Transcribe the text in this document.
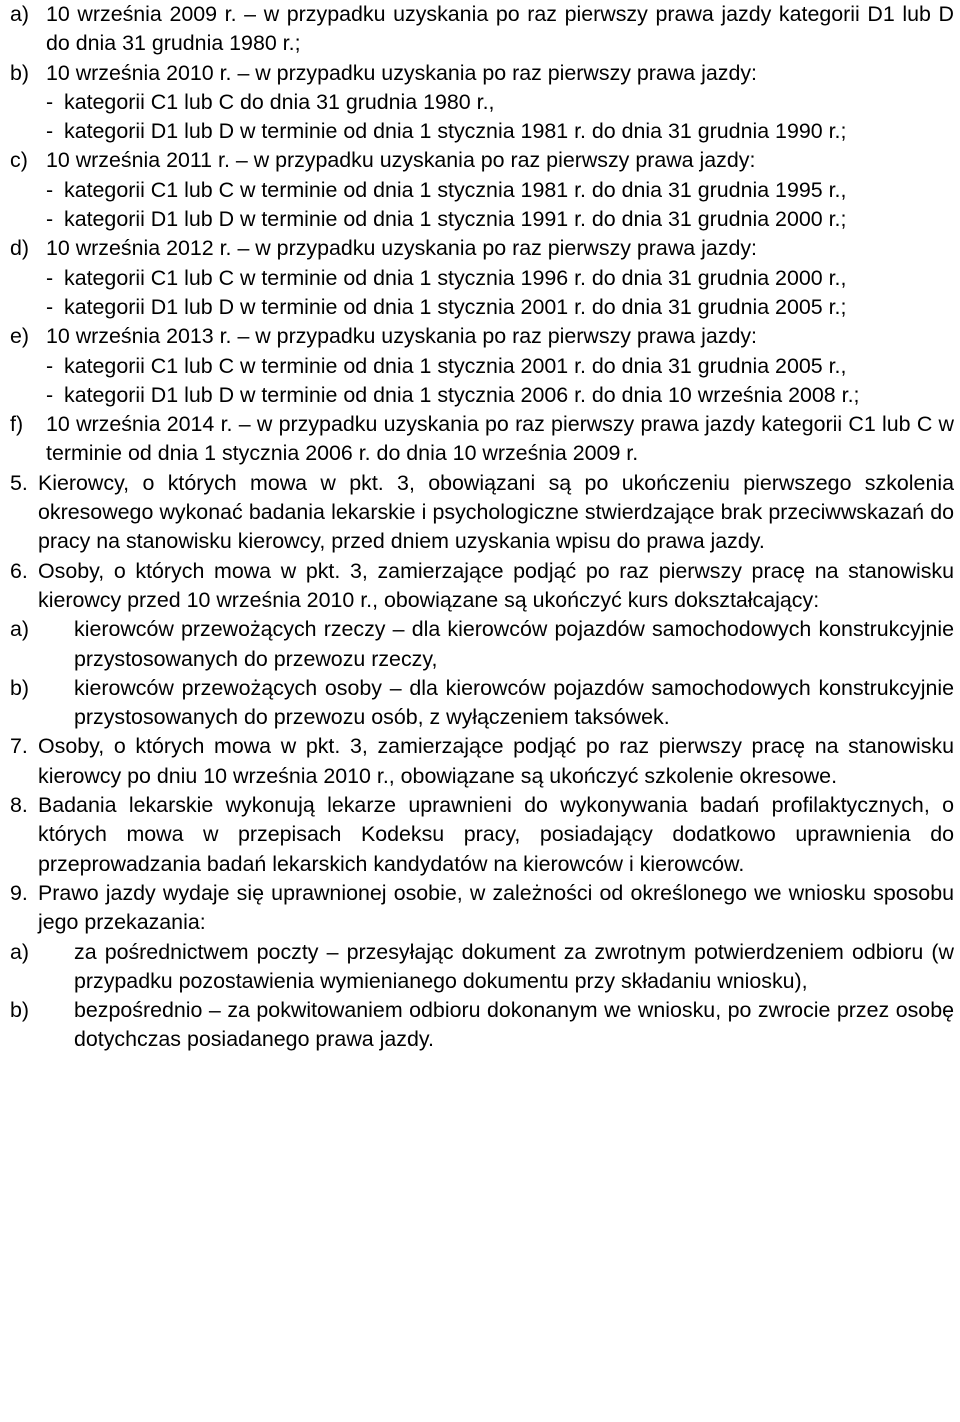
a) 10 września 2009 r. – w przypadku uzyskania po raz pierwszy prawa jazdy kategorii D1 lub D do dnia 31 grudnia 1980 r.;
b) 10 września 2010 r. – w przypadku uzyskania po raz pierwszy prawa jazdy:
- kategorii C1 lub C do dnia 31 grudnia 1980 r.,
- kategorii D1 lub D w terminie od dnia 1 stycznia 1981 r. do dnia 31 grudnia 1990 r.;
c) 10 września 2011 r. – w przypadku uzyskania po raz pierwszy prawa jazdy:
- kategorii C1 lub C w terminie od dnia 1 stycznia 1981 r. do dnia 31 grudnia 1995 r.,
- kategorii D1 lub D w terminie od dnia 1 stycznia 1991 r. do dnia 31 grudnia 2000 r.;
d) 10 września 2012 r. – w przypadku uzyskania po raz pierwszy prawa jazdy:
- kategorii C1 lub C w terminie od dnia 1 stycznia 1996 r. do dnia 31 grudnia 2000 r.,
- kategorii D1 lub D w terminie od dnia 1 stycznia 2001 r. do dnia 31 grudnia 2005 r.;
e) 10 września 2013 r. – w przypadku uzyskania po raz pierwszy prawa jazdy:
- kategorii C1 lub C w terminie od dnia 1 stycznia 2001 r. do dnia 31 grudnia 2005 r.,
- kategorii D1 lub D w terminie od dnia 1 stycznia 2006 r. do dnia 10 września 2008 r.;
f)	10 września 2014 r. – w przypadku uzyskania po raz pierwszy prawa jazdy kategorii C1 lub C w terminie od dnia 1 stycznia 2006 r. do dnia 10 września 2009 r.
5. Kierowcy, o których mowa w pkt. 3, obowiązani są po ukończeniu pierwszego szkolenia okresowego wykonać badania lekarskie i psychologiczne stwierdzające brak przeciwwskazań do pracy na stanowisku kierowcy, przed dniem uzyskania wpisu do prawa jazdy.
6. Osoby, o których mowa w pkt. 3, zamierzające podjąć po raz pierwszy pracę na stanowisku kierowcy przed 10 września 2010 r., obowiązane są ukończyć kurs dokształcający:
a)	kierowców przewożących rzeczy – dla kierowców pojazdów samochodowych konstrukcyjnie przystosowanych do przewozu rzeczy,
b)	kierowców przewożących osoby – dla kierowców pojazdów samochodowych konstrukcyjnie przystosowanych do przewozu osób, z wyłączeniem taksówek.
7. Osoby, o których mowa w pkt. 3, zamierzające podjąć po raz pierwszy pracę na stanowisku kierowcy po dniu 10 września 2010 r., obowiązane są ukończyć szkolenie okresowe.
8. Badania lekarskie wykonują lekarze uprawnieni do wykonywania badań profilaktycznych, o których mowa w przepisach Kodeksu pracy, posiadający dodatkowo uprawnienia do przeprowadzania badań lekarskich kandydatów na kierowców i kierowców.
9. Prawo jazdy wydaje się uprawnionej osobie, w zależności od określonego we wniosku sposobu jego przekazania:
a)	za pośrednictwem poczty – przesyłając dokument za zwrotnym potwierdzeniem odbioru (w przypadku pozostawienia wymienianego dokumentu przy składaniu wniosku),
b)	bezpośrednio – za pokwitowaniem odbioru dokonanym we wniosku, po zwrocie przez osobę dotychczas posiadanego prawa jazdy.
